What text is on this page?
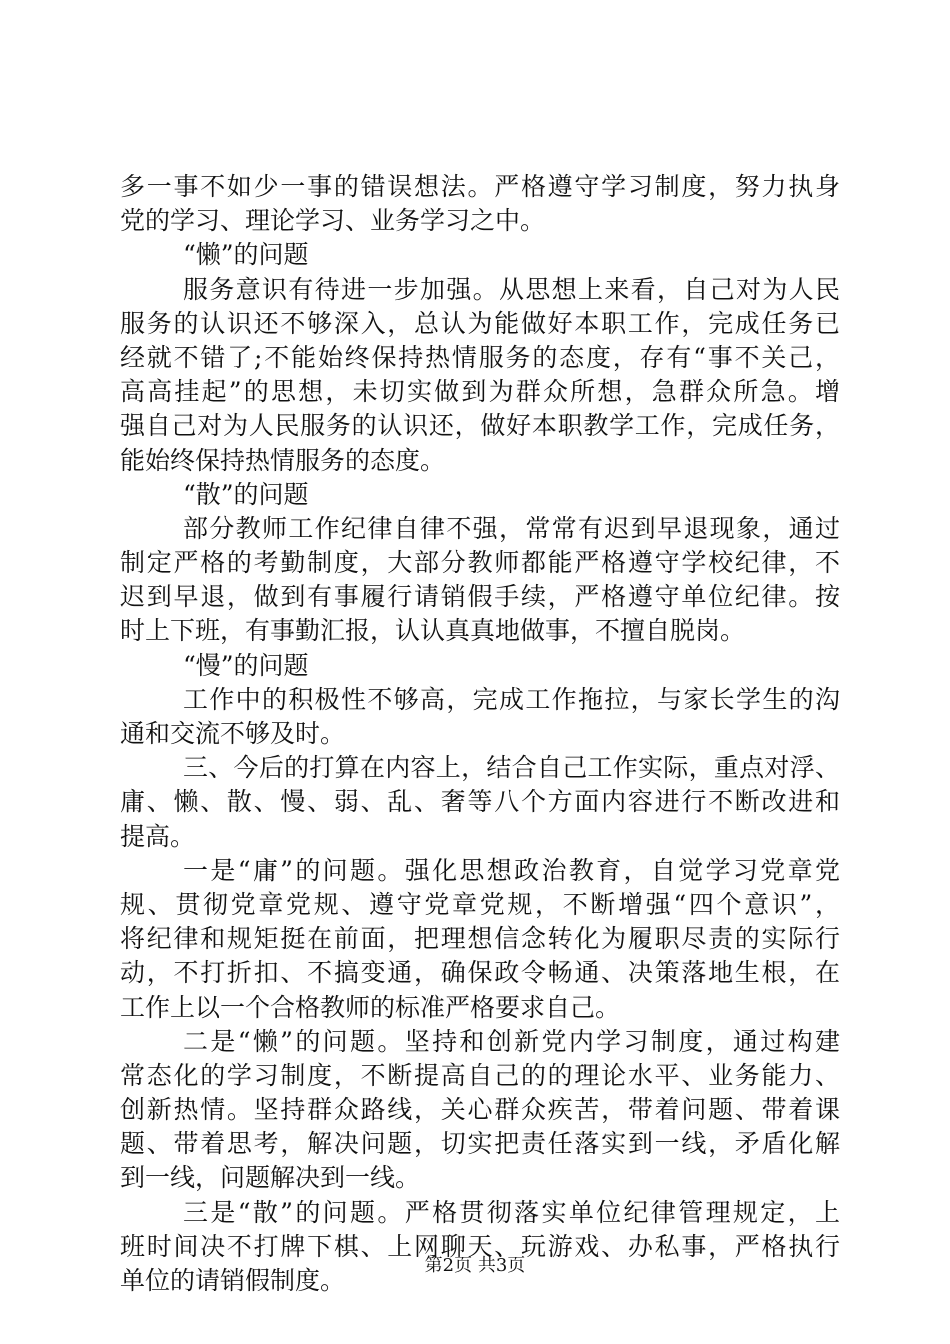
多一事不如少一事的错误想法。严格遵守学习制度，努力执身
党的学习、理论学习、业务学习之中。
“懒”的问题
服务意识有待进一步加强。从思想上来看，自己对为人民
服务的认识还不够深入，总认为能做好本职工作，完成任务已
经就不错了;不能始终保持热情服务的态度，存有“事不关己，
高高挂起”的思想，未切实做到为群众所想，急群众所急。增
强自己对为人民服务的认识还，做好本职教学工作，完成任务，
能始终保持热情服务的态度。
“散”的问题
部分教师工作纪律自律不强，常常有迟到早退现象，通过
制定严格的考勤制度，大部分教师都能严格遵守学校纪律，不
迟到早退，做到有事履行请销假手续，严格遵守单位纪律。按
时上下班，有事勤汇报，认认真真地做事，不擅自脱岗。
“慢”的问题
工作中的积极性不够高，完成工作拖拉，与家长学生的沟
通和交流不够及时。
三、今后的打算在内容上，结合自己工作实际，重点对浮、
庸、懒、散、慢、弱、乱、奢等八个方面内容进行不断改进和
提高。
一是“庸”的问题。强化思想政治教育，自觉学习党章党
规、贯彻党章党规、遵守党章党规，不断增强“四个意识”，
将纪律和规矩挺在前面，把理想信念转化为履职尽责的实际行
动，不打折扣、不搞变通，确保政令畅通、决策落地生根，在
工作上以一个合格教师的标准严格要求自己。
二是“懒”的问题。坚持和创新党内学习制度，通过构建
常态化的学习制度，不断提高自己的的理论水平、业务能力、
创新热情。坚持群众路线，关心群众疾苦，带着问题、带着课
题、带着思考，解决问题，切实把责任落实到一线，矛盾化解
到一线，问题解决到一线。
三是“散”的问题。严格贯彻落实单位纪律管理规定，上
班时间决不打牌下棋、上网聊天、玩游戏、办私事，严格执行
单位的请销假制度。
第2页 共3页
